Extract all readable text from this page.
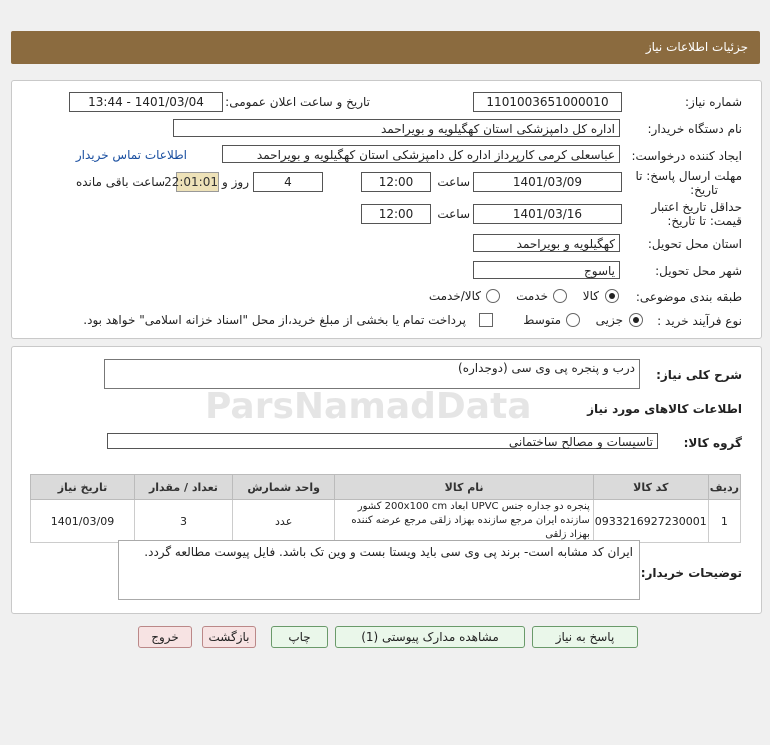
جزئیات اطلاعات نیاز
شماره نیاز:
1101003651000010
تاریخ و ساعت اعلان عمومی:
1401/03/04 - 13:44
نام دستگاه خریدار:
اداره کل دامپزشکی استان کهگیلویه و بویراحمد
ایجاد کننده درخواست:
عباسعلی کرمی کارپرداز اداره کل دامپزشکی استان کهگیلویه و بویراحمد
اطلاعات تماس خریدار
مهلت ارسال پاسخ: تا
تاریخ:
1401/03/09
ساعت
12:00
4
روز و
22:01:01
ساعت باقی مانده
حداقل تاریخ اعتبار
قیمت: تا تاریخ:
1401/03/16
ساعت
12:00
استان محل تحویل:
کهگیلویه و بویراحمد
شهر محل تحویل:
یاسوج
طبقه بندی موضوعی:
کالا
خدمت
کالا/خدمت
نوع فرآیند خرید :
جزیی
متوسط
پرداخت تمام یا بخشی از مبلغ خرید،از محل "اسناد خزانه اسلامی" خواهد بود.
شرح کلی نیاز:
درب و پنجره پی وی سی (دوجداره)
اطلاعات کالاهای مورد نیاز
گروه کالا:
تاسیسات و مصالح ساختمانی
ردیف	کد کالا	نام کالا	واحد شمارش	تعداد / مقدار	تاریخ نیاز
1	0933216927230001	پنجره دو جداره جنس UPVC ابعاد 200x100 cm کشور سازنده ایران مرجع سازنده بهزاد زلقی مرجع عرضه کننده بهزاد زلقی	عدد	3	1401/03/09
توضیحات خریدار:
ایران کد مشابه است- برند پی وی سی باید ویستا بست و وین تک باشد. فایل پیوست مطالعه گردد.
پاسخ به نیاز
مشاهده مدارک پیوستی (1)
چاپ
بازگشت
خروج
